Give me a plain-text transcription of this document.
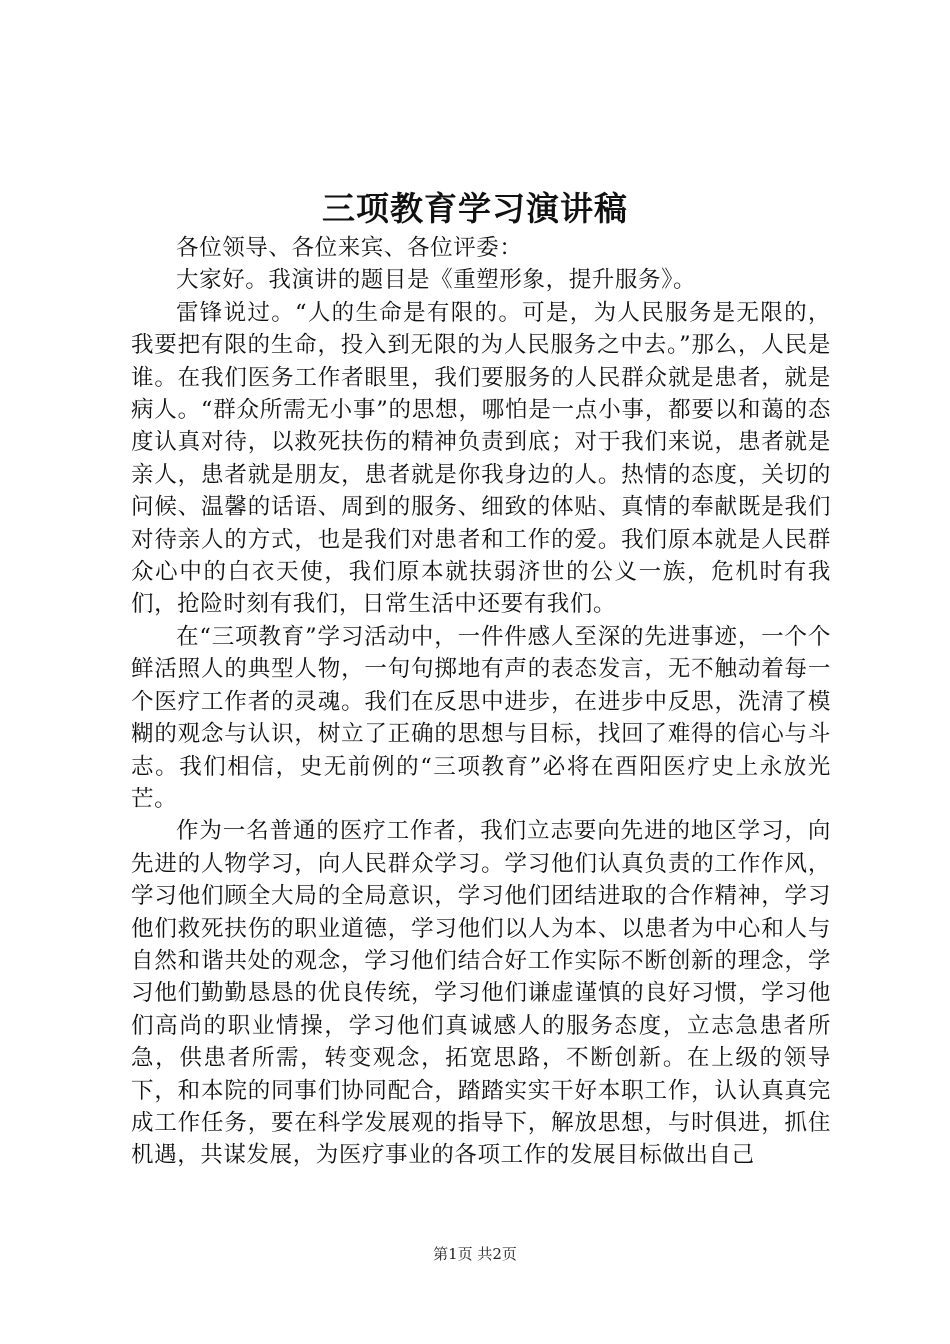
三项教育学习演讲稿

各位领导、各位来宾、各位评委：

大家好。我演讲的题目是《重塑形象，提升服务》。

雷锋说过。“人的生命是有限的。可是，为人民服务是无限的，我要把有限的生命，投入到无限的为人民服务之中去。”那么，人民是谁。在我们医务工作者眼里，我们要服务的人民群众就是患者，就是病人。“群众所需无小事”的思想，哪怕是一点小事，都要以和蔼的态度认真对待，以救死扶伤的精神负责到底；对于我们来说，患者就是亲人，患者就是朋友，患者就是你我身边的人。热情的态度，关切的问候、温馨的话语、周到的服务、细致的体贴、真情的奉献既是我们对待亲人的方式，也是我们对患者和工作的爱。我们原本就是人民群众心中的白衣天使，我们原本就扶弱济世的公义一族，危机时有我们，抢险时刻有我们，日常生活中还要有我们。

在“三项教育”学习活动中，一件件感人至深的先进事迹，一个个鲜活照人的典型人物，一句句掷地有声的表态发言，无不触动着每一个医疗工作者的灵魂。我们在反思中进步，在进步中反思，洗清了模糊的观念与认识，树立了正确的思想与目标，找回了难得的信心与斗志。我们相信，史无前例的“三项教育”必将在酉阳医疗史上永放光芒。

作为一名普通的医疗工作者，我们立志要向先进的地区学习，向先进的人物学习，向人民群众学习。学习他们认真负责的工作作风，学习他们顾全大局的全局意识，学习他们团结进取的合作精神，学习他们救死扶伤的职业道德，学习他们以人为本、以患者为中心和人与自然和谐共处的观念，学习他们结合好工作实际不断创新的理念，学习他们勤勤恳恳的优良传统，学习他们谦虚谨慎的良好习惯，学习他们高尚的职业情操，学习他们真诚感人的服务态度，立志急患者所急，供患者所需，转变观念，拓宽思路，不断创新。在上级的领导下，和本院的同事们协同配合，踏踏实实干好本职工作，认认真真完成工作任务，要在科学发展观的指导下，解放思想，与时俱进，抓住机遇，共谋发展，为医疗事业的各项工作的发展目标做出自己

第1页 共2页
